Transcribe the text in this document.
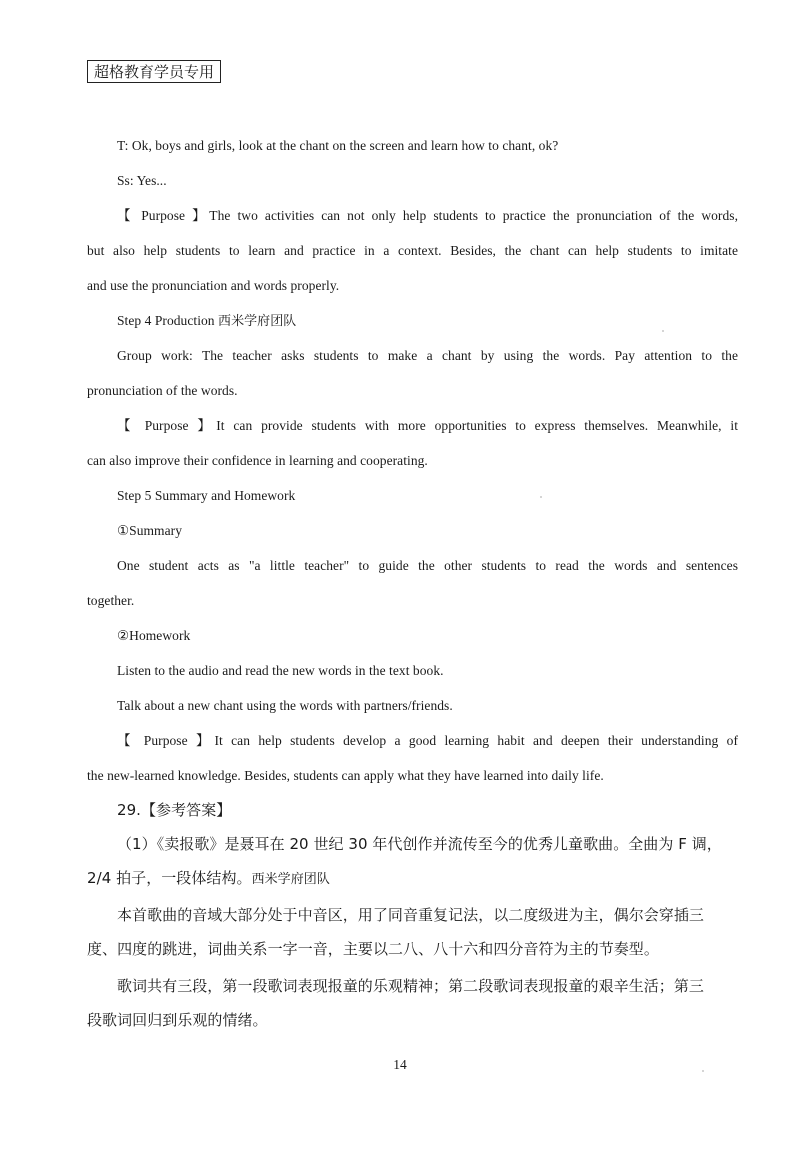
超格教育学员专用
T: Ok, boys and girls, look at the chant on the screen and learn how to chant, ok?
Ss: Yes...
【 Purpose 】The two activities can not only help students to practice the pronunciation of the words,
but also help students to learn and practice in a context. Besides, the chant can help students to imitate
and use the pronunciation and words properly.
Step 4 Production 西米学府团队
Group work: The teacher asks students to make a chant by using the words. Pay attention to the
pronunciation of the words.
【 Purpose 】It can provide students with more opportunities to express themselves. Meanwhile, it
can also improve their confidence in learning and cooperating.
Step 5 Summary and Homework
①Summary
One student acts as "a little teacher" to guide the other students to read the words and sentences
together.
②Homework
Listen to the audio and read the new words in the text book.
Talk about a new chant using the words with partners/friends.
【 Purpose 】It can help students develop a good learning habit and deepen their understanding of
the new-learned knowledge. Besides, students can apply what they have learned into daily life.
29.【参考答案】
（1）《卖报歌》是聂耳在 20 世纪 30 年代创作并流传至今的优秀儿童歌曲。全曲为 F 调，
2/4 拍子，一段体结构。西米学府团队
本首歌曲的音域大部分处于中音区，用了同音重复记法，以二度级进为主，偶尔会穿插三
度、四度的跳进，词曲关系一字一音，主要以二八、八十六和四分音符为主的节奏型。
歌词共有三段，第一段歌词表现报童的乐观精神；第二段歌词表现报童的艰辛生活；第三
段歌词回归到乐观的情绪。
14
